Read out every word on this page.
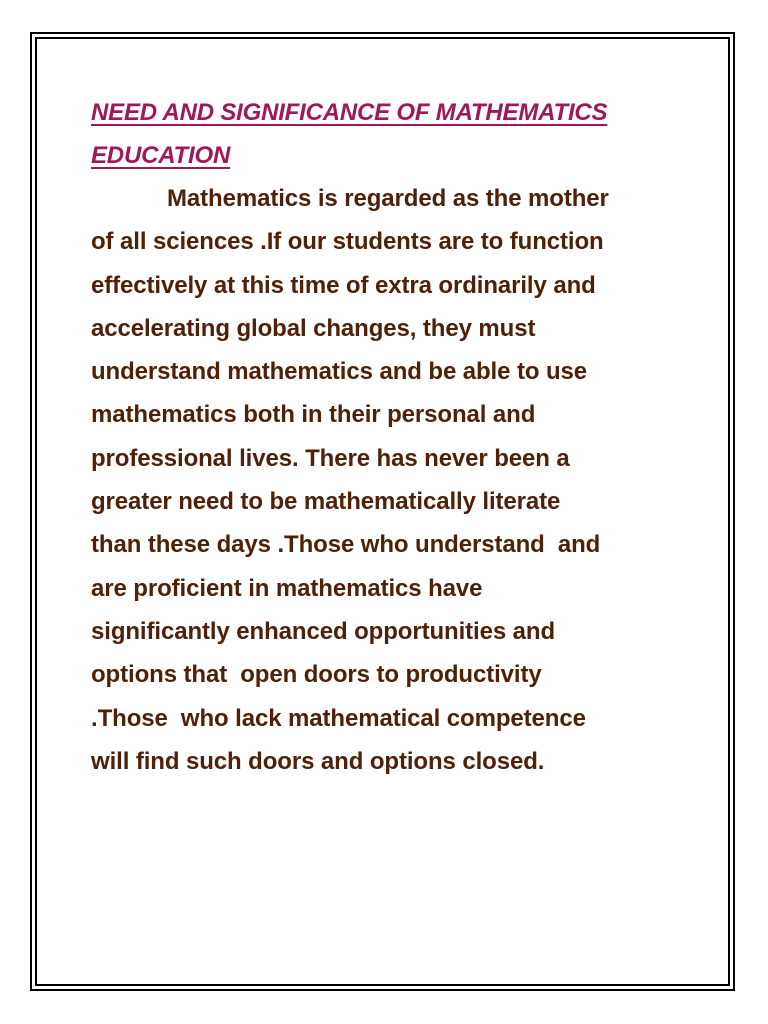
NEED AND SIGNIFICANCE OF MATHEMATICS
EDUCATION

Mathematics is regarded as the mother
of all sciences .If our students are to function
effectively at this time of extra ordinarily and
accelerating global changes, they must
understand mathematics and be able to use
mathematics both in their personal and
professional lives. There has never been a
greater need to be mathematically literate
than these days .Those who understand  and
are proficient in mathematics have
significantly enhanced opportunities and
options that  open doors to productivity
.Those  who lack mathematical competence
will find such doors and options closed.
